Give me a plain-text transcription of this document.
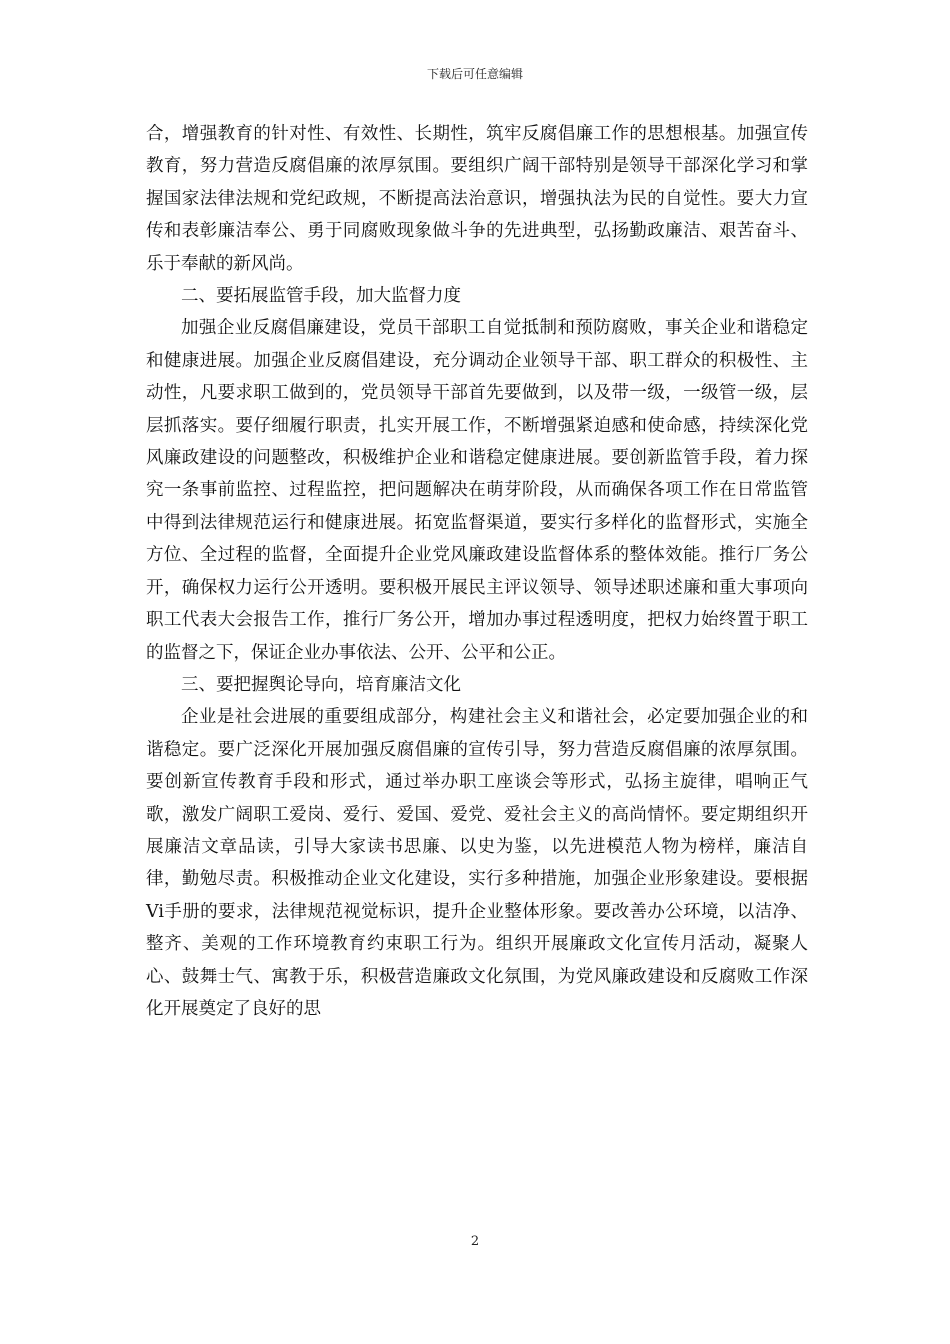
下载后可任意编辑

合，增强教育的针对性、有效性、长期性，筑牢反腐倡廉工作的思想根基。加强宣传教育，努力营造反腐倡廉的浓厚氛围。要组织广阔干部特别是领导干部深化学习和掌握国家法律法规和党纪政规，不断提高法治意识，增强执法为民的自觉性。要大力宣传和表彰廉洁奉公、勇于同腐败现象做斗争的先进典型，弘扬勤政廉洁、艰苦奋斗、乐于奉献的新风尚。

二、要拓展监管手段，加大监督力度

加强企业反腐倡廉建设，党员干部职工自觉抵制和预防腐败，事关企业和谐稳定和健康进展。加强企业反腐倡建设，充分调动企业领导干部、职工群众的积极性、主动性，凡要求职工做到的，党员领导干部首先要做到，以及带一级，一级管一级，层层抓落实。要仔细履行职责，扎实开展工作，不断增强紧迫感和使命感，持续深化党风廉政建设的问题整改，积极维护企业和谐稳定健康进展。要创新监管手段，着力探究一条事前监控、过程监控，把问题解决在萌芽阶段，从而确保各项工作在日常监管中得到法律规范运行和健康进展。拓宽监督渠道，要实行多样化的监督形式，实施全方位、全过程的监督，全面提升企业党风廉政建设监督体系的整体效能。推行厂务公开，确保权力运行公开透明。要积极开展民主评议领导、领导述职述廉和重大事项向职工代表大会报告工作，推行厂务公开，增加办事过程透明度，把权力始终置于职工的监督之下，保证企业办事依法、公开、公平和公正。

三、要把握舆论导向，培育廉洁文化

企业是社会进展的重要组成部分，构建社会主义和谐社会，必定要加强企业的和谐稳定。要广泛深化开展加强反腐倡廉的宣传引导，努力营造反腐倡廉的浓厚氛围。要创新宣传教育手段和形式，通过举办职工座谈会等形式，弘扬主旋律，唱响正气歌，激发广阔职工爱岗、爱行、爱国、爱党、爱社会主义的高尚情怀。要定期组织开展廉洁文章品读，引导大家读书思廉、以史为鉴，以先进模范人物为榜样，廉洁自律，勤勉尽责。积极推动企业文化建设，实行多种措施，加强企业形象建设。要根据Vi手册的要求，法律规范视觉标识，提升企业整体形象。要改善办公环境，以洁净、整齐、美观的工作环境教育约束职工行为。组织开展廉政文化宣传月活动，凝聚人心、鼓舞士气、寓教于乐，积极营造廉政文化氛围，为党风廉政建设和反腐败工作深化开展奠定了良好的思

2
